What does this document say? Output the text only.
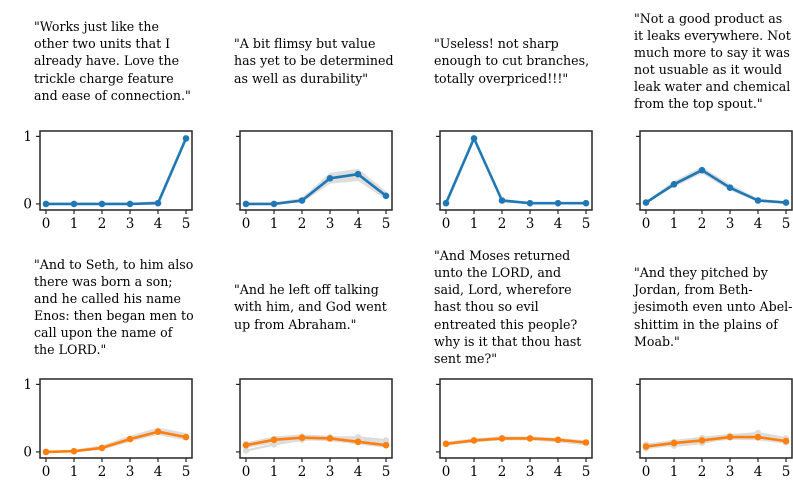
"Works just like the other two units that I already have. Love the trickle charge feature and ease of connection."
"A bit flimsy but value has yet to be determined as well as durability"
"Useless! not sharp enough to cut branches, totally overpriced!!!"
"Not a good product as it leaks everywhere. Not much more to say it was not usuable as it would leak water and chemical from the top spout."
0 1 2 3 4 5
0
1
0 1 2 3 4 5	0 1 2 3 4 5	0 1 2 3 4 5
"And to Seth, to him also there was born a son; and he called his name Enos: then began men to call upon the name of the LORD."
"And he left off talking with him, and God went up from Abraham."
"And Moses returned unto the LORD, and said, Lord, wherefore hast thou so evil entreated this people? why is it that thou hast sent me?"
"And they pitched by Jordan, from Beth-jesimoth even unto Abel-shittim in the plains of Moab."
0 1 2 3 4 5
0
1
0 1 2 3 4 5	0 1 2 3 4 5	0 1 2 3 4 5
